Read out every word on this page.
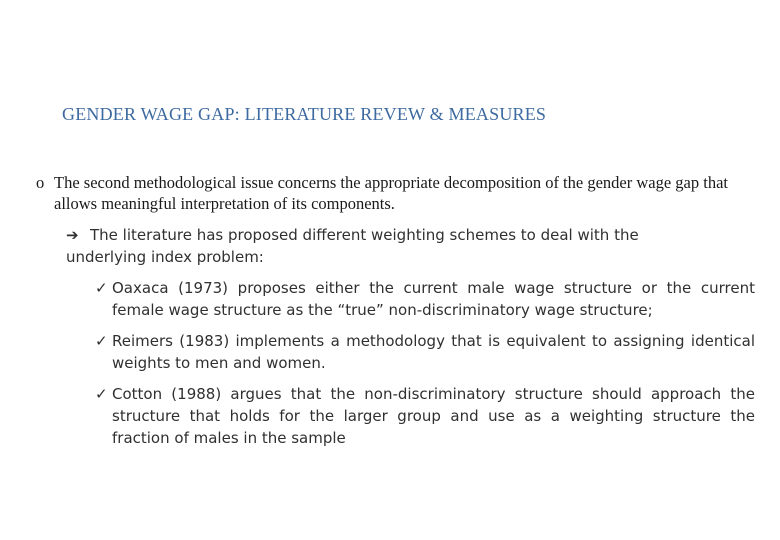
GENDER WAGE GAP: LITERATURE REVEW & MEASURES
o The second methodological issue concerns the appropriate decomposition of the gender wage gap that allows meaningful interpretation of its components.
➔ The literature has proposed different weighting schemes to deal with the underlying index problem:
✓ Oaxaca (1973) proposes either the current male wage structure or the current female wage structure as the “true” non-discriminatory wage structure;
✓ Reimers (1983) implements a methodology that is equivalent to assigning identical weights to men and women.
✓ Cotton (1988) argues that the non-discriminatory structure should approach the structure that holds for the larger group and use as a weighting structure the fraction of males in the sample
